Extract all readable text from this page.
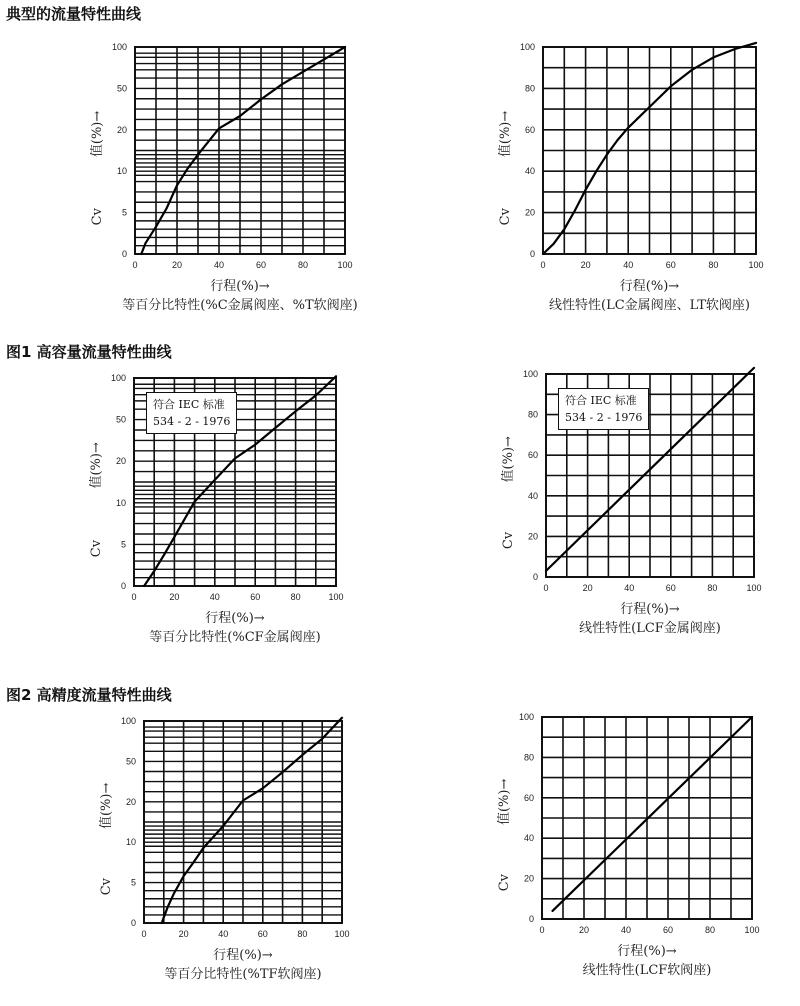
典型的流量特性曲线
图1 高容量流量特性曲线
图2 高精度流量特性曲线
0	20	40	60	80	100
0
5
10
20
50
100
Cv
值(%)→
行程(%)→
等百分比特性(%C金属阀座、%T软阀座)
0	20	40	60	80	100
0
20
40
60
80
100
Cv
值(%)→
行程(%)→
线性特性(LC金属阀座、LT软阀座)
0	20	40	60	80	100
0
5
10
20
50
100
Cv
值(%)→
符合 IEC 标准
534 - 2 - 1976
行程(%)→
等百分比特性(%CF金属阀座)
0	20	40	60	80	100
0
20
40
60
80
100
Cv
值(%)→
符合 IEC 标准
534 - 2 - 1976
行程(%)→
线性特性(LCF金属阀座)
0	20	40	60	80	100
0
5
10
20
50
100
Cv
值(%)→
行程(%)→
等百分比特性(%TF软阀座)
0	20	40	60	80	100
0
20
40
60
80
100
Cv
值(%)→
行程(%)→
线性特性(LCF软阀座)
